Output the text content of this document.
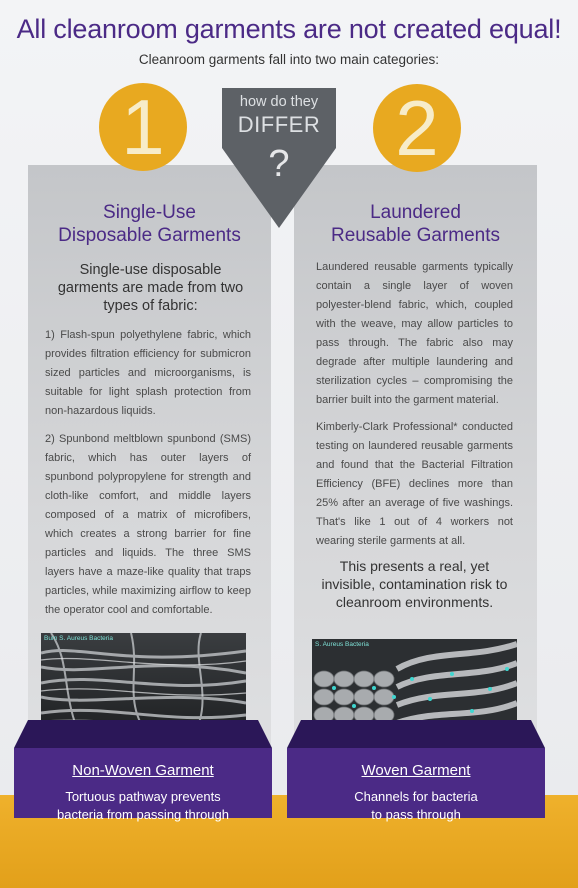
All cleanroom garments are not created equal!
Cleanroom garments fall into two main categories:
1	2
how do they
DIFFER
?
Single-Use
Disposable Garments
Laundered
Reusable Garments
Single-use disposable garments are made from two types of fabric:
1) Flash-spun polyethylene fabric, which provides filtration efficiency for submicron sized particles and microorganisms, is suitable for light splash protection from non-hazardous liquids.
2) Spunbond meltblown spunbond (SMS) fabric, which has outer layers of spunbond polypropylene for strength and cloth-like comfort, and middle layers composed of a matrix of microfibers, which creates a strong barrier for fine particles and liquids. The three SMS layers have a maze-like quality that traps particles, while maximizing airflow to keep the operator cool and comfortable.
Laundered reusable garments typically contain a single layer of woven polyester-blend fabric, which, coupled with the weave, may allow particles to pass through. The fabric also may degrade after multiple laundering and sterilization cycles – compromising the barrier built into the garment material.
Kimberly-Clark Professional* conducted testing on laundered reusable garments and found that the Bacterial Filtration Efficiency (BFE) declines more than 25% after an average of five washings. That's like 1 out of 4 workers not wearing sterile garments at all.
This presents a real, yet invisible, contamination risk to cleanroom environments.
Bum S. Aureus Bacteria
S. Aureus Bacteria
Non-Woven Garment
Tortuous pathway prevents
bacteria from passing through
Woven Garment
Channels for bacteria
to pass through
